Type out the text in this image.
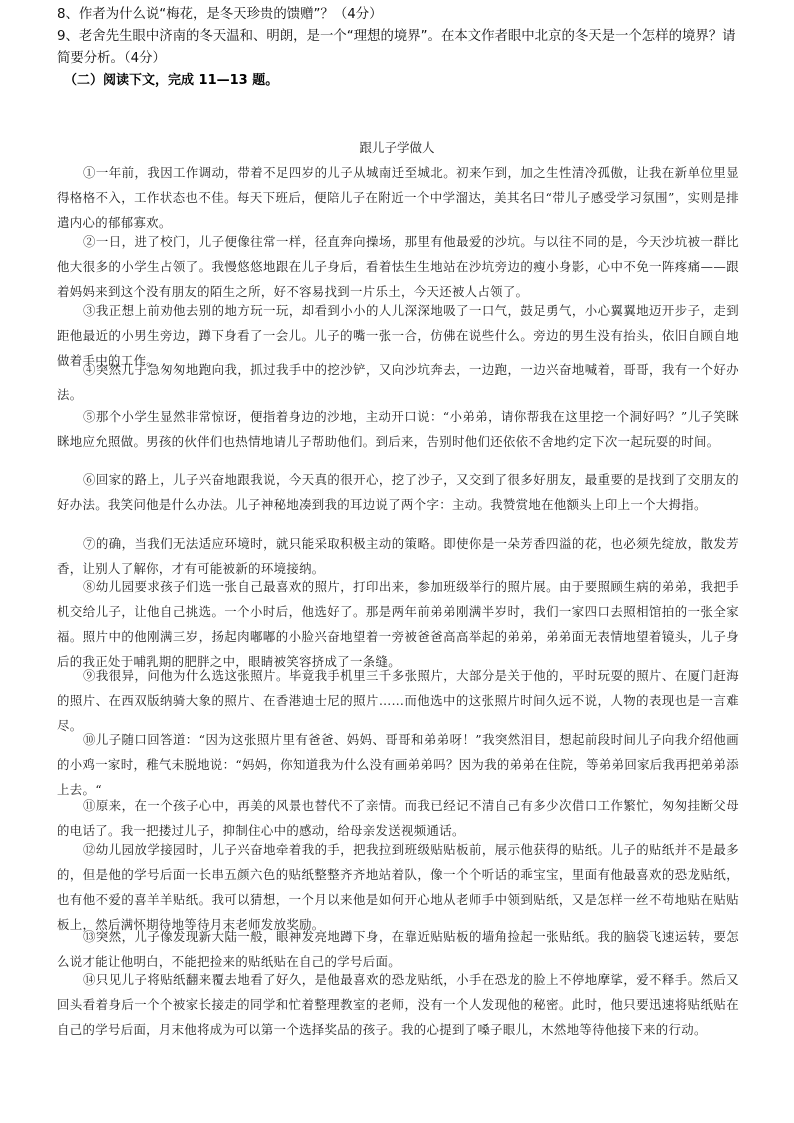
8、作者为什么说“梅花，是冬天珍贵的馈赠”？（4分）
9、老舍先生眼中济南的冬天温和、明朗，是一个“理想的境界”。在本文作者眼中北京的冬天是一个怎样的境界？请简要分析。（4分）
（二）阅读下文，完成 11—13 题。
跟儿子学做人

①一年前，我因工作调动，带着不足四岁的儿子从城南迁至城北。初来乍到，加之生性清冷孤傲，让我在新单位里显得格格不入，工作状态也不佳。每天下班后，便陪儿子在附近一个中学溜达，美其名曰“带儿子感受学习氛围”，实则是排遣内心的郁郁寡欢。

②一日，进了校门，儿子便像往常一样，径直奔向操场，那里有他最爱的沙坑。与以往不同的是，今天沙坑被一群比他大很多的小学生占领了。我慢悠悠地跟在儿子身后，看着怯生生地站在沙坑旁边的瘦小身影，心中不免一阵疼痛——跟着妈妈来到这个没有朋友的陌生之所，好不容易找到一片乐土，今天还被人占领了。

③我正想上前劝他去别的地方玩一玩，却看到小小的人儿深深地吸了一口气，鼓足勇气，小心翼翼地迈开步子，走到距他最近的小男生旁边，蹲下身看了一会儿。儿子的嘴一张一合，仿佛在说些什么。旁边的男生没有抬头，依旧自顾自地做着手中的工作。

④突然儿子急匆匆地跑向我，抓过我手中的挖沙铲，又向沙坑奔去，一边跑，一边兴奋地喊着，哥哥，我有一个好办法。

⑤那个小学生显然非常惊讶，便指着身边的沙地，主动开口说：“小弟弟，请你帮我在这里挖一个洞好吗？”儿子笑眯眯地应允照做。男孩的伙伴们也热情地请儿子帮助他们。到后来，告别时他们还依依不舍地约定下次一起玩耍的时间。

⑥回家的路上，儿子兴奋地跟我说，今天真的很开心，挖了沙子，又交到了很多好朋友，最重要的是找到了交朋友的好办法。我笑问他是什么办法。儿子神秘地凑到我的耳边说了两个字：主动。我赞赏地在他额头上印上一个大拇指。

⑦的确，当我们无法适应环境时，就只能采取积极主动的策略。即使你是一朵芳香四溢的花，也必须先绽放，散发芳香，让别人了解你，才有可能被新的环境接纳。

⑧幼儿园要求孩子们选一张自己最喜欢的照片，打印出来，参加班级举行的照片展。由于要照顾生病的弟弟，我把手机交给儿子，让他自己挑选。一个小时后，他选好了。那是两年前弟弟刚满半岁时，我们一家四口去照相馆拍的一张全家福。照片中的他刚满三岁，扬起肉嘟嘟的小脸兴奋地望着一旁被爸爸高高举起的弟弟，弟弟面无表情地望着镜头，儿子身后的我正处于哺乳期的肥胖之中，眼睛被笑容挤成了一条缝。

⑨我很异，问他为什么选这张照片。毕竟我手机里三千多张照片，大部分是关于他的，平时玩耍的照片、在厦门赶海的照片、在西双版纳骑大象的照片、在香港迪士尼的照片……而他选中的这张照片时间久远不说，人物的表现也是一言难尽。

⑩儿子随口回答道：“因为这张照片里有爸爸、妈妈、哥哥和弟弟呀！”我突然泪目，想起前段时间儿子向我介绍他画的小鸡一家时，稚气未脱地说：“妈妈，你知道我为什么没有画弟弟吗？因为我的弟弟在住院，等弟弟回家后我再把弟弟添上去。“

⑪原来，在一个孩子心中，再美的风景也替代不了亲情。而我已经记不清自己有多少次借口工作繁忙，匆匆挂断父母的电话了。我一把搂过儿子，抑制住心中的感动，给母亲发送视频通话。

⑫幼儿园放学接园时，儿子兴奋地牵着我的手，把我拉到班级贴贴板前，展示他获得的贴纸。儿子的贴纸并不是最多的，但是他的学号后面一长串五颜六色的贴纸整整齐齐地站着队，像一个个听话的乖宝宝，里面有他最喜欢的恐龙贴纸，也有他不爱的喜羊羊贴纸。我可以猜想，一个月以来他是如何开心地从老师手中领到贴纸，又是怎样一丝不苟地贴在贴贴板上，然后满怀期待地等待月末老师发放奖励。

⑬突然，儿子像发现新大陆一般，眼神发亮地蹲下身，在靠近贴贴板的墙角捡起一张贴纸。我的脑袋飞速运转，要怎么说才能让他明白，不能把捡来的贴纸贴在自己的学号后面。

⑭只见儿子将贴纸翻来覆去地看了好久，是他最喜欢的恐龙贴纸，小手在恐龙的脸上不停地摩挲，爱不释手。然后又回头看着身后一个个被家长接走的同学和忙着整理教室的老师，没有一个人发现他的秘密。此时，他只要迅速将贴纸贴在自己的学号后面，月末他将成为可以第一个选择奖品的孩子。我的心提到了嗓子眼儿，木然地等待他接下来的行动。
